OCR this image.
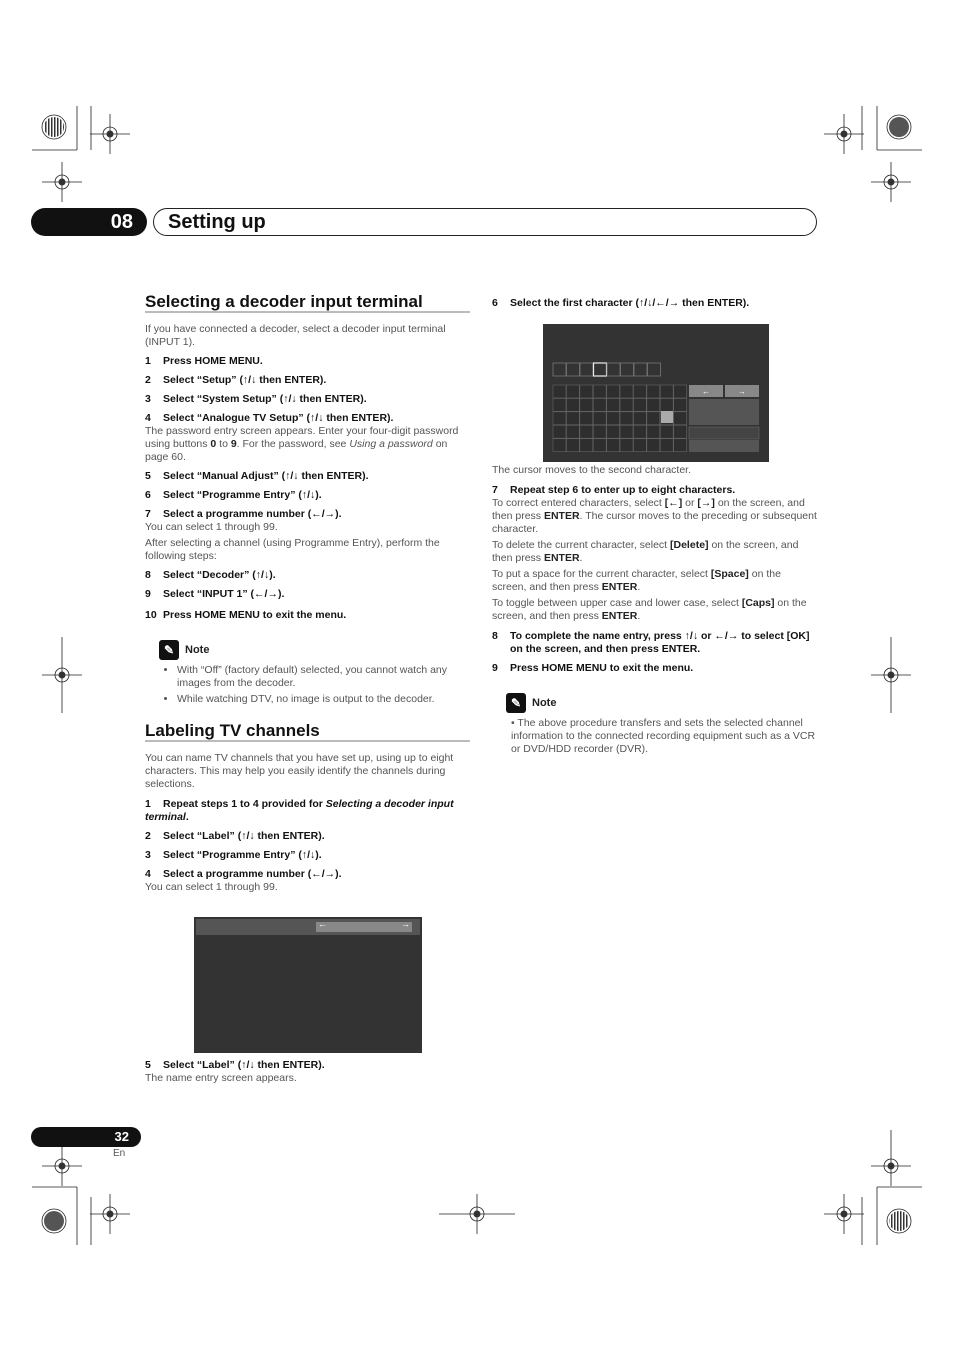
08	Setting up
Selecting a decoder input terminal

If you have connected a decoder, select a decoder input terminal (INPUT 1).

1 Press HOME MENU.

2 Select “Setup” (↑/↓ then ENTER).

3 Select “System Setup” (↑/↓ then ENTER).

4 Select “Analogue TV Setup” (↑/↓ then ENTER).

The password entry screen appears. Enter your four-digit password using buttons 0 to 9. For the password, see Using a password on page 60.

5 Select “Manual Adjust” (↑/↓ then ENTER).

6 Select “Programme Entry” (↑/↓).

7 Select a programme number (←/→).

You can select 1 through 99.

After selecting a channel (using Programme Entry), perform the following steps:

8 Select “Decoder” (↑/↓).

9 Select “INPUT 1” (←/→).

10 Press HOME MENU to exit the menu.

✎ Note
• With “Off” (factory default) selected, you cannot watch any images from the decoder.
• While watching DTV, no image is output to the decoder.
Labeling TV channels

You can name TV channels that you have set up, using up to eight characters. This may help you easily identify the channels during selections.

1 Repeat steps 1 to 4 provided for Selecting a decoder input terminal.

2 Select “Label” (↑/↓ then ENTER).

3 Select “Programme Entry” (↑/↓).

4 Select a programme number (←/→).

You can select 1 through 99.

←	→

5 Select “Label” (↑/↓ then ENTER).

The name entry screen appears.

6 Select the first character (↑/↓/←/→ then ENTER).

←	→

The cursor moves to the second character.

7 Repeat step 6 to enter up to eight characters.

To correct entered characters, select [←] or [→] on the screen, and then press ENTER. The cursor moves to the preceding or subsequent character.

To delete the current character, select [Delete] on the screen, and then press ENTER.

To put a space for the current character, select [Space] on the screen, and then press ENTER.

To toggle between upper case and lower case, select [Caps] on the screen, and then press ENTER.

8	To complete the name entry, press ↑/↓ or ←/→ to select [OK] on the screen, and then press ENTER.

9 Press HOME MENU to exit the menu.

✎ Note
• The above procedure transfers and sets the selected channel information to the connected recording equipment such as a VCR or DVD/HDD recorder (DVR).
32
En
